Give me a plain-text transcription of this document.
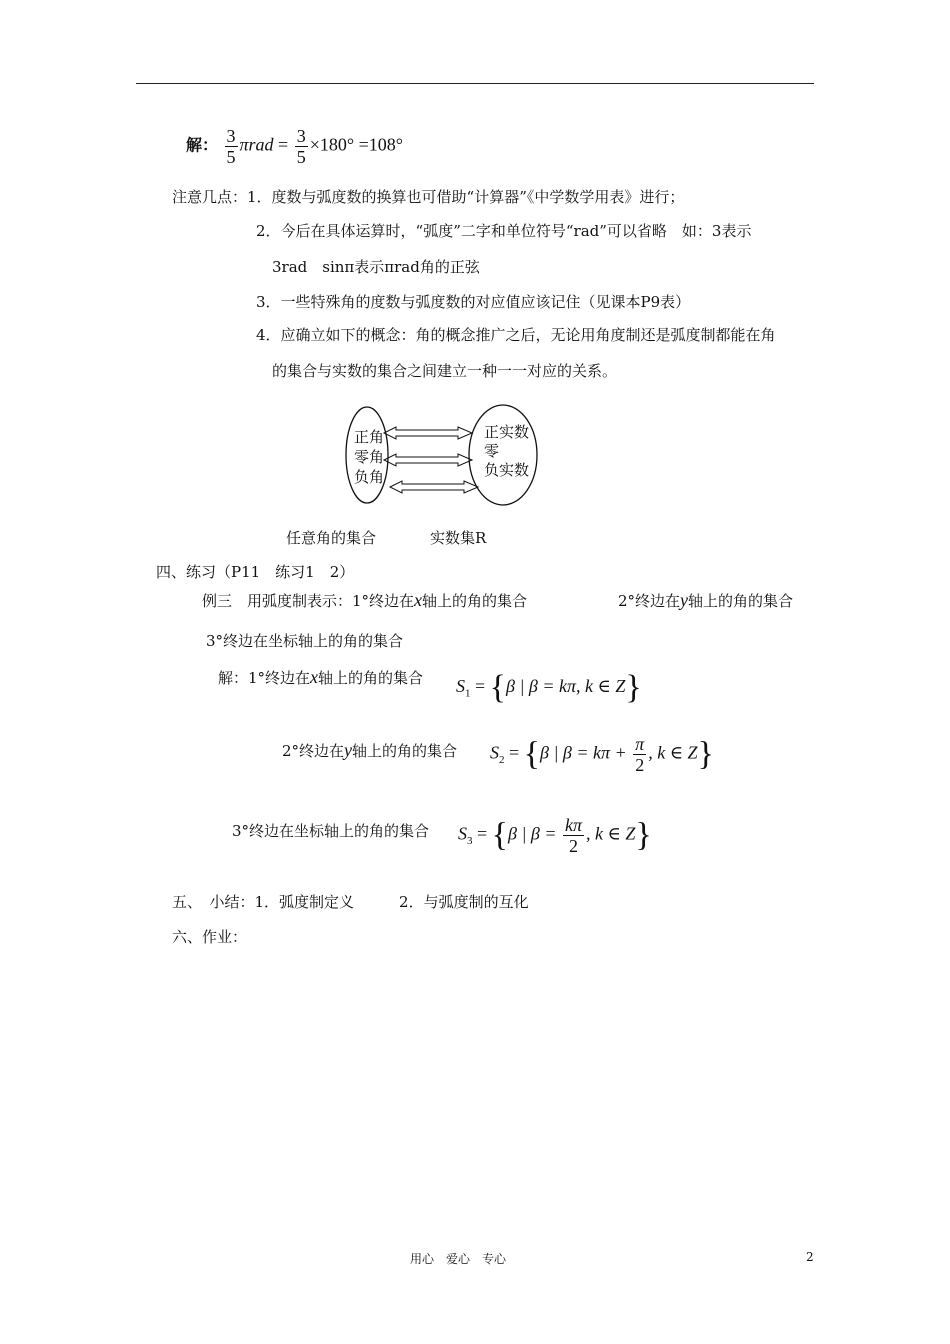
解： $\frac{3}{5}$ $\pi rad = \frac{3}{5} \times 180^\circ =108^\circ$
注意几点：1．度数与弧度数的换算也可借助“计算器”《中学数学用表》进行；
2．今后在具体运算时，“弧度”二字和单位符号“rad”可以省略　如：3表示
3rad　sinπ表示πrad角的正弦
3．一些特殊角的度数与弧度数的对应值应该记住（见课本P9表）
4．应确立如下的概念：角的概念推广之后，无论用角度制还是弧度制都能在角
的集合与实数的集合之间建立一种一一对应的关系。
正角
零角
负角
正实数
零
负实数
任意角的集合	实数集R
四、练习（P11　练习1　2）
例三　用弧度制表示：1°终边在x轴上的角的集合	2°终边在y轴上的角的集合
3°终边在坐标轴上的角的集合
解：1°终边在x轴上的角的集合 $S_1 = \{\beta$ | β = kπ, k ∈ Z}
2°终边在y轴上的角的集合 $S_2 = \{\beta$ | $\beta = k\pi + \frac{\pi}{2}$ , k ∈ Z}
3°终边在坐标轴上的角的集合 $S_3 = \{\beta$ | $\beta = \frac{k\pi}{2}$ , k ∈ Z}
五、　小结：1．弧度制定义　　　2．与弧度制的互化
六、作业：
用心　爱心　专心	2
